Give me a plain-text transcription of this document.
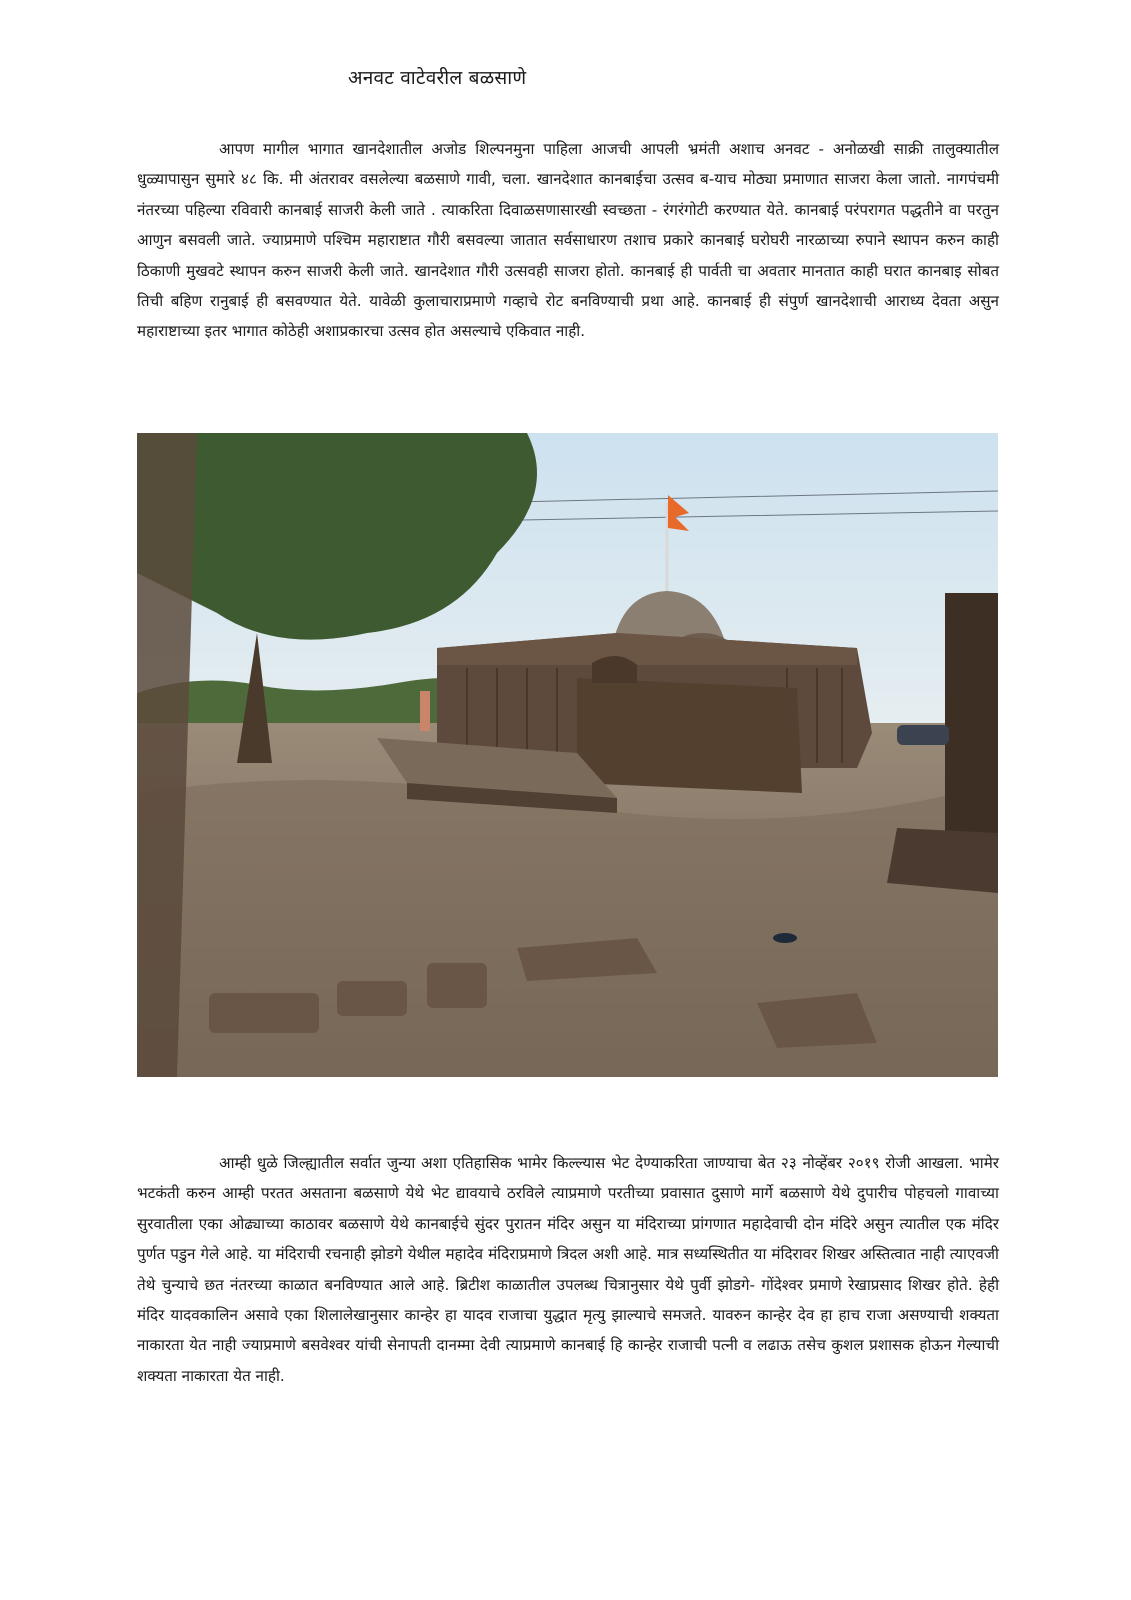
अनवट वाटेवरील बळसाणे

आपण मागील भागात खानदेशातील अजोड शिल्पनमुना पाहिला आजची आपली भ्रमंती अशाच अनवट - अनोळखी साक्री तालुक्यातील धुळ्यापासुन सुमारे ४८ कि. मी अंतरावर वसलेल्या बळसाणे गावी, चला. खानदेशात कानबाईचा उत्सव ब-याच मोठ्या प्रमाणात साजरा केला जातो. नागपंचमी नंतरच्या पहिल्या रविवारी कानबाई साजरी केली जाते . त्याकरिता दिवाळसणासारखी स्वच्छता - रंगरंगोटी करण्यात येते. कानबाई परंपरागत पद्धतीने वा परतुन आणुन बसवली जाते. ज्याप्रमाणे पश्चिम महाराष्टात गौरी बसवल्या जातात सर्वसाधारण तशाच प्रकारे कानबाई घरोघरी नारळाच्या रुपाने स्थापन करुन काही ठिकाणी मुखवटे स्थापन करुन साजरी केली जाते. खानदेशात गौरी उत्सवही साजरा होतो. कानबाई ही पार्वती चा अवतार मानतात काही घरात कानबाइ सोबत तिची बहिण रानुबाई ही बसवण्यात येते. यावेळी कुलाचाराप्रमाणे गव्हाचे रोट बनविण्याची प्रथा आहे. कानबाई ही संपुर्ण खानदेशाची आराध्य देवता असुन महाराष्टाच्या इतर भागात कोठेही अशाप्रकारचा उत्सव होत असल्याचे एकिवात नाही.

आम्ही धुळे जिल्ह्यातील सर्वात जुन्या अशा एतिहासिक भामेर किल्ल्यास भेट देण्याकरिता जाण्याचा बेत २३ नोव्हेंबर २०१९ रोजी आखला. भामेर भटकंती करुन आम्ही परतत असताना बळसाणे येथे भेट द्यावयाचे ठरविले त्याप्रमाणे परतीच्या प्रवासात दुसाणे मार्गे बळसाणे येथे दुपारीच पोहचलो गावाच्या सुरवातीला एका ओढ्याच्या काठावर बळसाणे येथे कानबाईचे सुंदर पुरातन मंदिर असुन या मंदिराच्या प्रांगणात महादेवाची दोन मंदिरे असुन त्यातील एक मंदिर पुर्णत पडुन गेले आहे. या मंदिराची रचनाही झोडगे येथील महादेव मंदिराप्रमाणे त्रिदल अशी आहे. मात्र सध्यस्थितीत या मंदिरावर शिखर अस्तित्वात नाही त्याएवजी तेथे चुन्याचे छत नंतरच्या काळात बनविण्यात आले आहे. ब्रिटीश काळातील उपलब्ध चित्रानुसार येथे पुर्वी झोडगे- गोंदेश्वर प्रमाणे रेखाप्रसाद शिखर होते. हेही मंदिर यादवकालिन असावे एका शिलालेखानुसार कान्हेर हा यादव राजाचा युद्धात मृत्यु झाल्याचे समजते. यावरुन कान्हेर देव हा हाच राजा असण्याची शक्यता नाकारता येत नाही ज्याप्रमाणे बसवेश्वर यांची सेनापती दानम्मा देवी त्याप्रमाणे कानबाई हि कान्हेर राजाची पत्नी व लढाऊ तसेच कुशल प्रशासक होऊन गेल्याची शक्यता नाकारता येत नाही.
